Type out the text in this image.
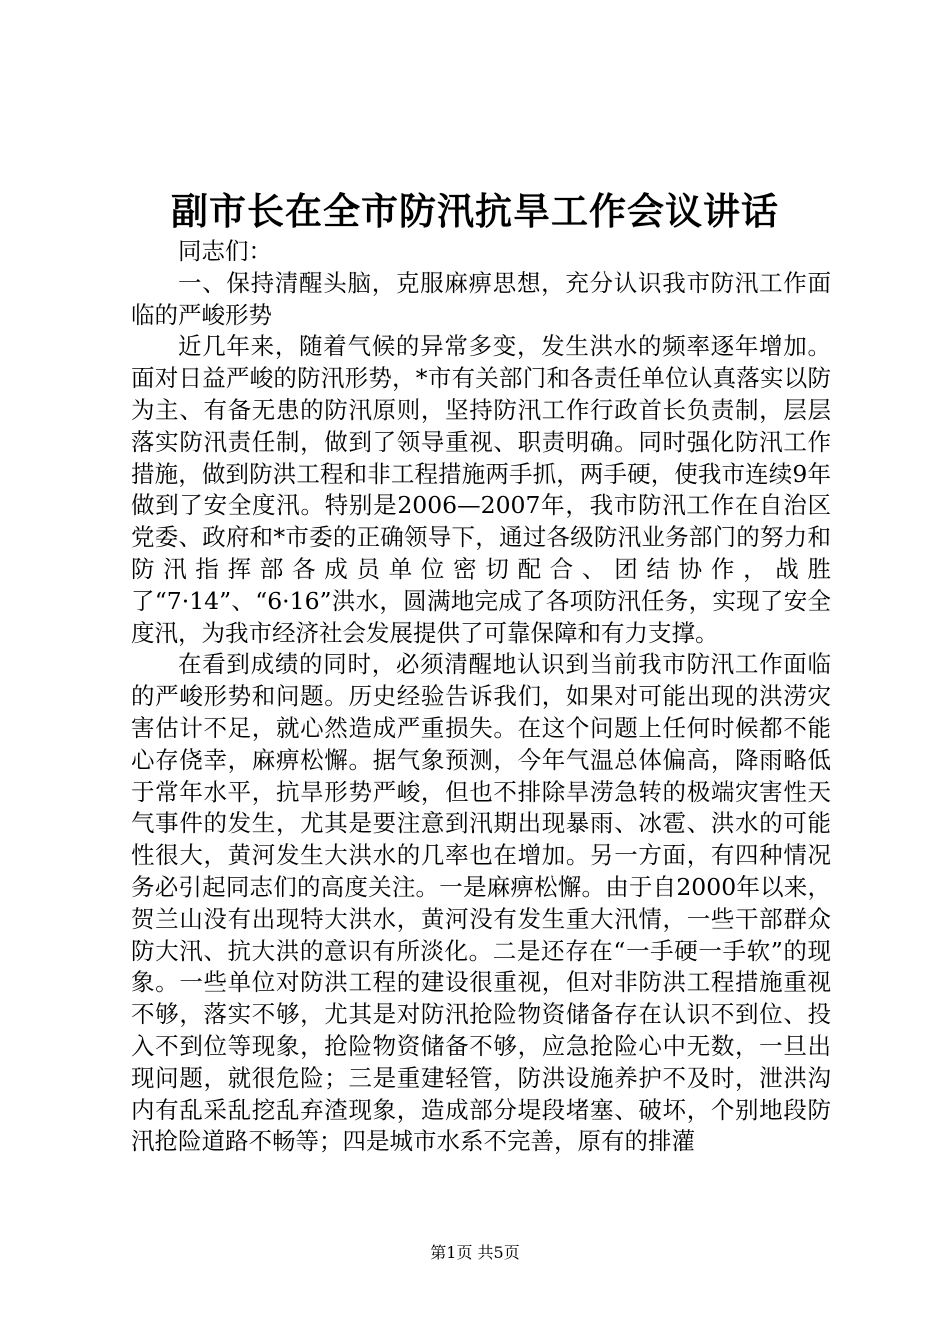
副市长在全市防汛抗旱工作会议讲话

同志们：

一、保持清醒头脑，克服麻痹思想，充分认识我市防汛工作面临的严峻形势

近几年来，随着气候的异常多变，发生洪水的频率逐年增加。面对日益严峻的防汛形势，*市有关部门和各责任单位认真落实以防为主、有备无患的防汛原则，坚持防汛工作行政首长负责制，层层落实防汛责任制，做到了领导重视、职责明确。同时强化防汛工作措施，做到防洪工程和非工程措施两手抓，两手硬，使我市连续9年做到了安全度汛。特别是2006—2007年，我市防汛工作在自治区党委、政府和*市委的正确领导下，通过各级防汛业务部门的努力和防汛指挥部各成员单位密切配合、团结协作，战胜了“7·14”、“6·16”洪水，圆满地完成了各项防汛任务，实现了安全度汛，为我市经济社会发展提供了可靠保障和有力支撑。

在看到成绩的同时，必须清醒地认识到当前我市防汛工作面临的严峻形势和问题。历史经验告诉我们，如果对可能出现的洪涝灾害估计不足，就心然造成严重损失。在这个问题上任何时候都不能心存侥幸，麻痹松懈。据气象预测，今年气温总体偏高，降雨略低于常年水平，抗旱形势严峻，但也不排除旱涝急转的极端灾害性天气事件的发生，尤其是要注意到汛期出现暴雨、冰雹、洪水的可能性很大，黄河发生大洪水的几率也在增加。另一方面，有四种情况务必引起同志们的高度关注。一是麻痹松懈。由于自2000年以来，贺兰山没有出现特大洪水，黄河没有发生重大汛情，一些干部群众防大汛、抗大洪的意识有所淡化。二是还存在“一手硬一手软”的现象。一些单位对防洪工程的建设很重视，但对非防洪工程措施重视不够，落实不够，尤其是对防汛抢险物资储备存在认识不到位、投入不到位等现象，抢险物资储备不够，应急抢险心中无数，一旦出现问题，就很危险；三是重建轻管，防洪设施养护不及时，泄洪沟内有乱采乱挖乱弃渣现象，造成部分堤段堵塞、破坏，个别地段防汛抢险道路不畅等；四是城市水系不完善，原有的排灌

第1页 共5页
